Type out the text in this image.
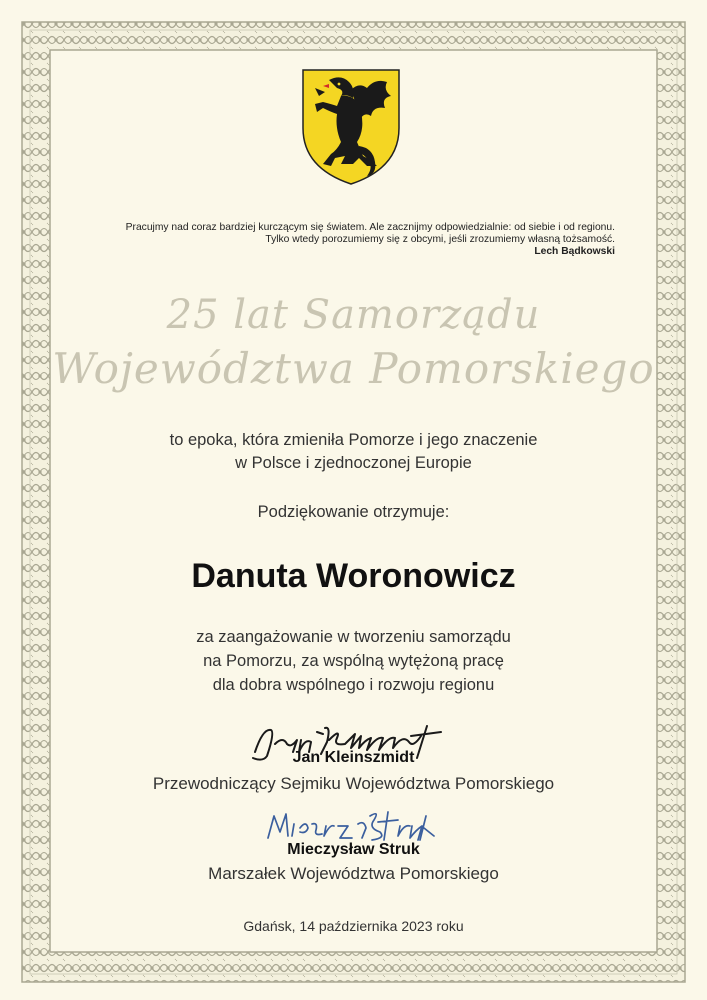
Pracujmy nad coraz bardziej kurczącym się światem. Ale zacznijmy odpowiedzialnie: od siebie i od regionu.
Tylko wtedy porozumiemy się z obcymi, jeśli zrozumiemy własną tożsamość.
Lech Bądkowski
25 lat Samorządu
Województwa Pomorskiego
to epoka, która zmieniła Pomorze i jego znaczenie
w Polsce i zjednoczonej Europie
Podziękowanie otrzymuje:
Danuta Woronowicz
za zaangażowanie w tworzeniu samorządu
na Pomorzu, za wspólną wytężoną pracę
dla dobra wspólnego i rozwoju regionu
Jan Kleinszmidt
Przewodniczący Sejmiku Województwa Pomorskiego
Mieczysław Struk
Marszałek Województwa Pomorskiego
Gdańsk, 14 października 2023 roku
